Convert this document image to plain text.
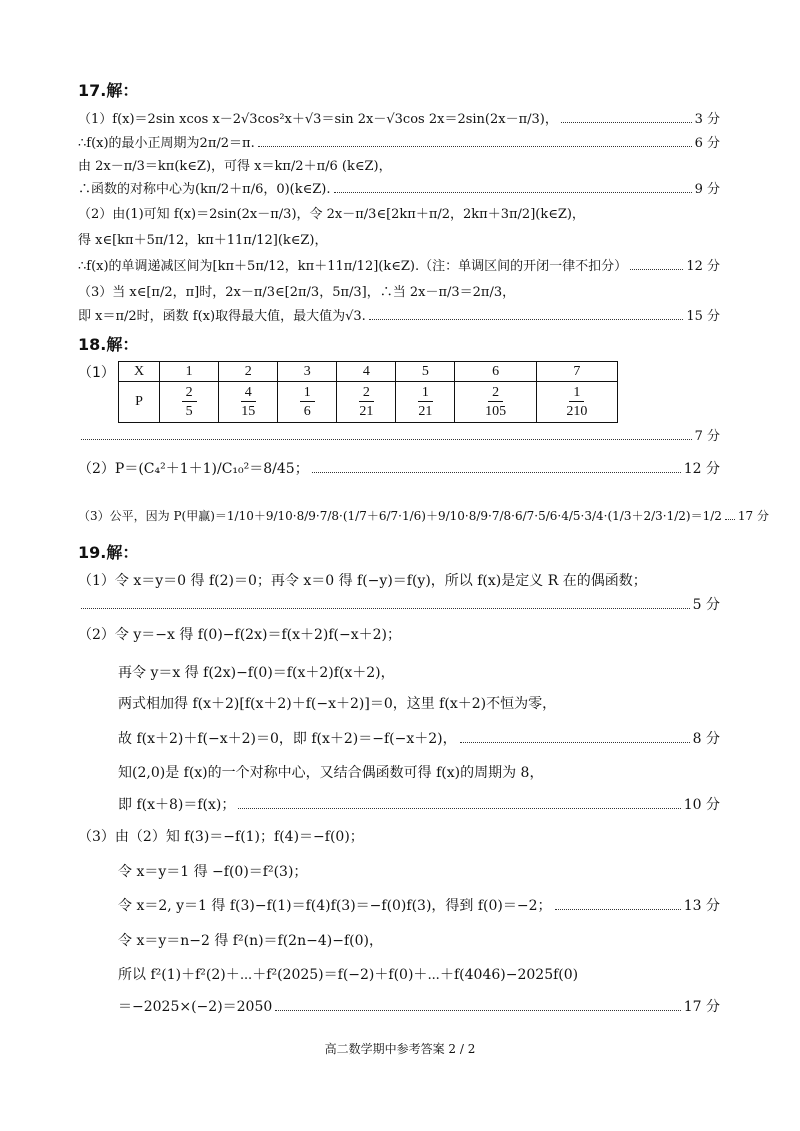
17.解：
（1）f(x)＝2sin xcos x－2√3cos²x＋√3＝sin 2x－√3cos 2x＝2sin(2x－π/3)，	3 分
∴f(x)的最小正周期为2π/2＝π.	6 分
由 2x－π/3＝kπ(k∈Z)，可得 x＝kπ/2＋π/6 (k∈Z)，
∴函数的对称中心为(kπ/2＋π/6，0)(k∈Z).	9 分
（2）由(1)可知 f(x)＝2sin(2x－π/3)，令 2x－π/3∈[2kπ＋π/2，2kπ＋3π/2](k∈Z)，
得 x∈[kπ＋5π/12，kπ＋11π/12](k∈Z)，
∴f(x)的单调递减区间为[kπ＋5π/12，kπ＋11π/12](k∈Z).（注：单调区间的开闭一律不扣分）	12 分
（3）当 x∈[π/2，π]时，2x－π/3∈[2π/3，5π/3]，∴当 2x－π/3＝2π/3，
即 x＝π/2时，函数 f(x)取得最大值，最大值为√3.	15 分
18.解：
（1） X	1	2	3	4	5	6	7
P	$\frac{2}{5}$	$\frac{4}{15}$	$\frac{1}{6}$	$\frac{2}{21}$	$\frac{1}{21}$	$\frac{2}{105}$	$\frac{1}{210}$
7 分
（2）P＝(C₄²＋1＋1)/C₁₀²＝8/45；	12 分
（3）公平，因为 P(甲赢)＝1/10＋9/10·8/9·7/8·(1/7＋6/7·1/6)＋9/10·8/9·7/8·6/7·5/6·4/5·3/4·(1/3＋2/3·1/2)＝1/2 17 分
19.解：
（1）令 x＝y＝0 得 f(2)＝0；再令 x＝0 得 f(−y)＝f(y)，所以 f(x)是定义 R 在的偶函数；
5 分
（2）令 y＝−x 得 f(0)−f(2x)＝f(x＋2)f(−x＋2)；
再令 y＝x 得 f(2x)−f(0)＝f(x＋2)f(x＋2)，
两式相加得 f(x＋2)[f(x＋2)＋f(−x＋2)]＝0，这里 f(x＋2)不恒为零，
故 f(x＋2)＋f(−x＋2)＝0，即 f(x＋2)＝−f(−x＋2)，	8 分
知(2,0)是 f(x)的一个对称中心，又结合偶函数可得 f(x)的周期为 8，
即 f(x＋8)＝f(x)；	10 分
（3）由（2）知 f(3)＝−f(1)；f(4)＝−f(0)；
令 x＝y＝1 得 −f(0)＝f²(3)；
令 x＝2, y＝1 得 f(3)−f(1)＝f(4)f(3)＝−f(0)f(3)，得到 f(0)＝−2；	13 分
令 x＝y＝n−2 得 f²(n)＝f(2n−4)−f(0)，
所以 f²(1)＋f²(2)＋⋯＋f²(2025)＝f(−2)＋f(0)＋⋯＋f(4046)−2025f(0)
＝−2025×(−2)＝2050	17 分
高二数学期中参考答案 2 / 2
